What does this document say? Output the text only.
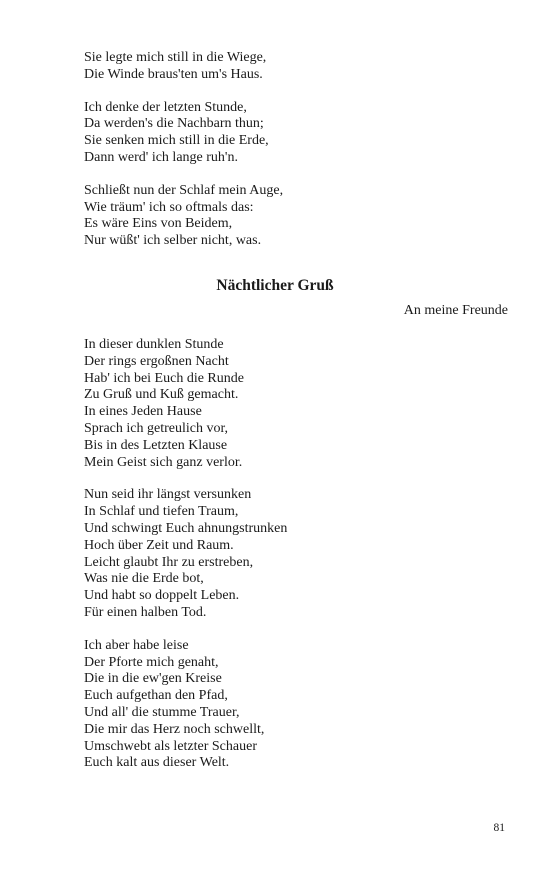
Sie legte mich still in die Wiege,
Die Winde braus'ten um's Haus.
Ich denke der letzten Stunde,
Da werden's die Nachbarn thun;
Sie senken mich still in die Erde,
Dann werd' ich lange ruh'n.
Schließt nun der Schlaf mein Auge,
Wie träum' ich so oftmals das:
Es wäre Eins von Beidem,
Nur wüßt' ich selber nicht, was.
Nächtlicher Gruß
An meine Freunde
In dieser dunklen Stunde
Der rings ergoßnen Nacht
Hab' ich bei Euch die Runde
Zu Gruß und Kuß gemacht.
In eines Jeden Hause
Sprach ich getreulich vor,
Bis in des Letzten Klause
Mein Geist sich ganz verlor.
Nun seid ihr längst versunken
In Schlaf und tiefen Traum,
Und schwingt Euch ahnungstrunken
Hoch über Zeit und Raum.
Leicht glaubt Ihr zu erstreben,
Was nie die Erde bot,
Und habt so doppelt Leben.
Für einen halben Tod.
Ich aber habe leise
Der Pforte mich genaht,
Die in die ew'gen Kreise
Euch aufgethan den Pfad,
Und all' die stumme Trauer,
Die mir das Herz noch schwellt,
Umschwebt als letzter Schauer
Euch kalt aus dieser Welt.
81
